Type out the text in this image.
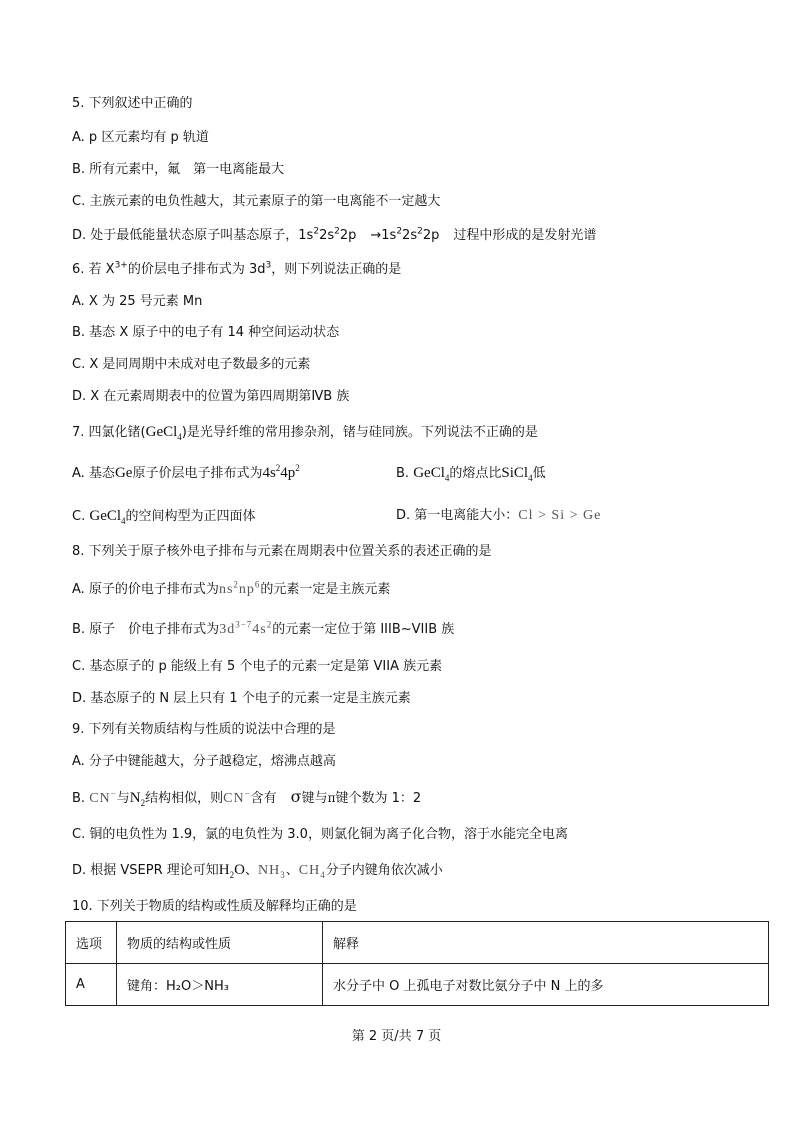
5. 下列叙述中正确的
A. p 区元素均有 p 轨道
B. 所有元素中，氟　第一电离能最大
C. 主族元素的电负性越大，其元素原子的第一电离能不一定越大
D. 处于最低能量状态原子叫基态原子，$1s^22s^22p \to 1s^22s^22p$ 过程中形成的是发射光谱
6. 若 $X^{3+}$的价层电子排布式为 $3d^3$，则下列说法正确的是
A. X 为 25 号元素 Mn
B. 基态 X 原子中的电子有 14 种空间运动状态
C. X 是同周期中未成对电子数最多的元素
D. X 在元素周期表中的位置为第四周期第ⅣB 族
7. 四氯化锗(GeCl$_4$)是光导纤维的常用掺杂剂，锗与硅同族。下列说法不正确的是
A. 基态Ge原子价层电子排布式为$4s^24p^2$	B. GeCl$_4$的熔点比SiCl$_4$低
C. GeCl$_4$的空间构型为正四面体	D. 第一电离能大小：Cl > Si > Ge
8. 下列关于原子核外电子排布与元素在周期表中位置关系的表述正确的是
A. 原子的价电子排布式为$ns^2np^6$的元素一定是主族元素
B. 原子　价电子排布式为$3d^{3-7}4s^2$的元素一定位于第 IIIB~VIIB 族
C. 基态原子的 p 能级上有 5 个电子的元素一定是第 VIIA 族元素
D. 基态原子的 N 层上只有 1 个电子的元素一定是主族元素
9. 下列有关物质结构与性质的说法中合理的是
A. 分子中键能越大，分子越稳定，熔沸点越高
B. CN−与$N_2$结构相似，则CN−含有 σ键与π键个数为 1：2
C. 铜的电负性为 1.9，氯的电负性为 3.0，则氯化铜为离子化合物，溶于水能完全电离
D. 根据 VSEPR 理论可知$H_2O$、$NH_3$、$CH_4$分子内键角依次减小
10. 下列关于物质的结构或性质及解释均正确的是
选项	物质的结构或性质	解释
A	键角：H₂O＞NH₃	水分子中 O 上孤电子对数比氨分子中 N 上的多
第 2 页/共 7 页
